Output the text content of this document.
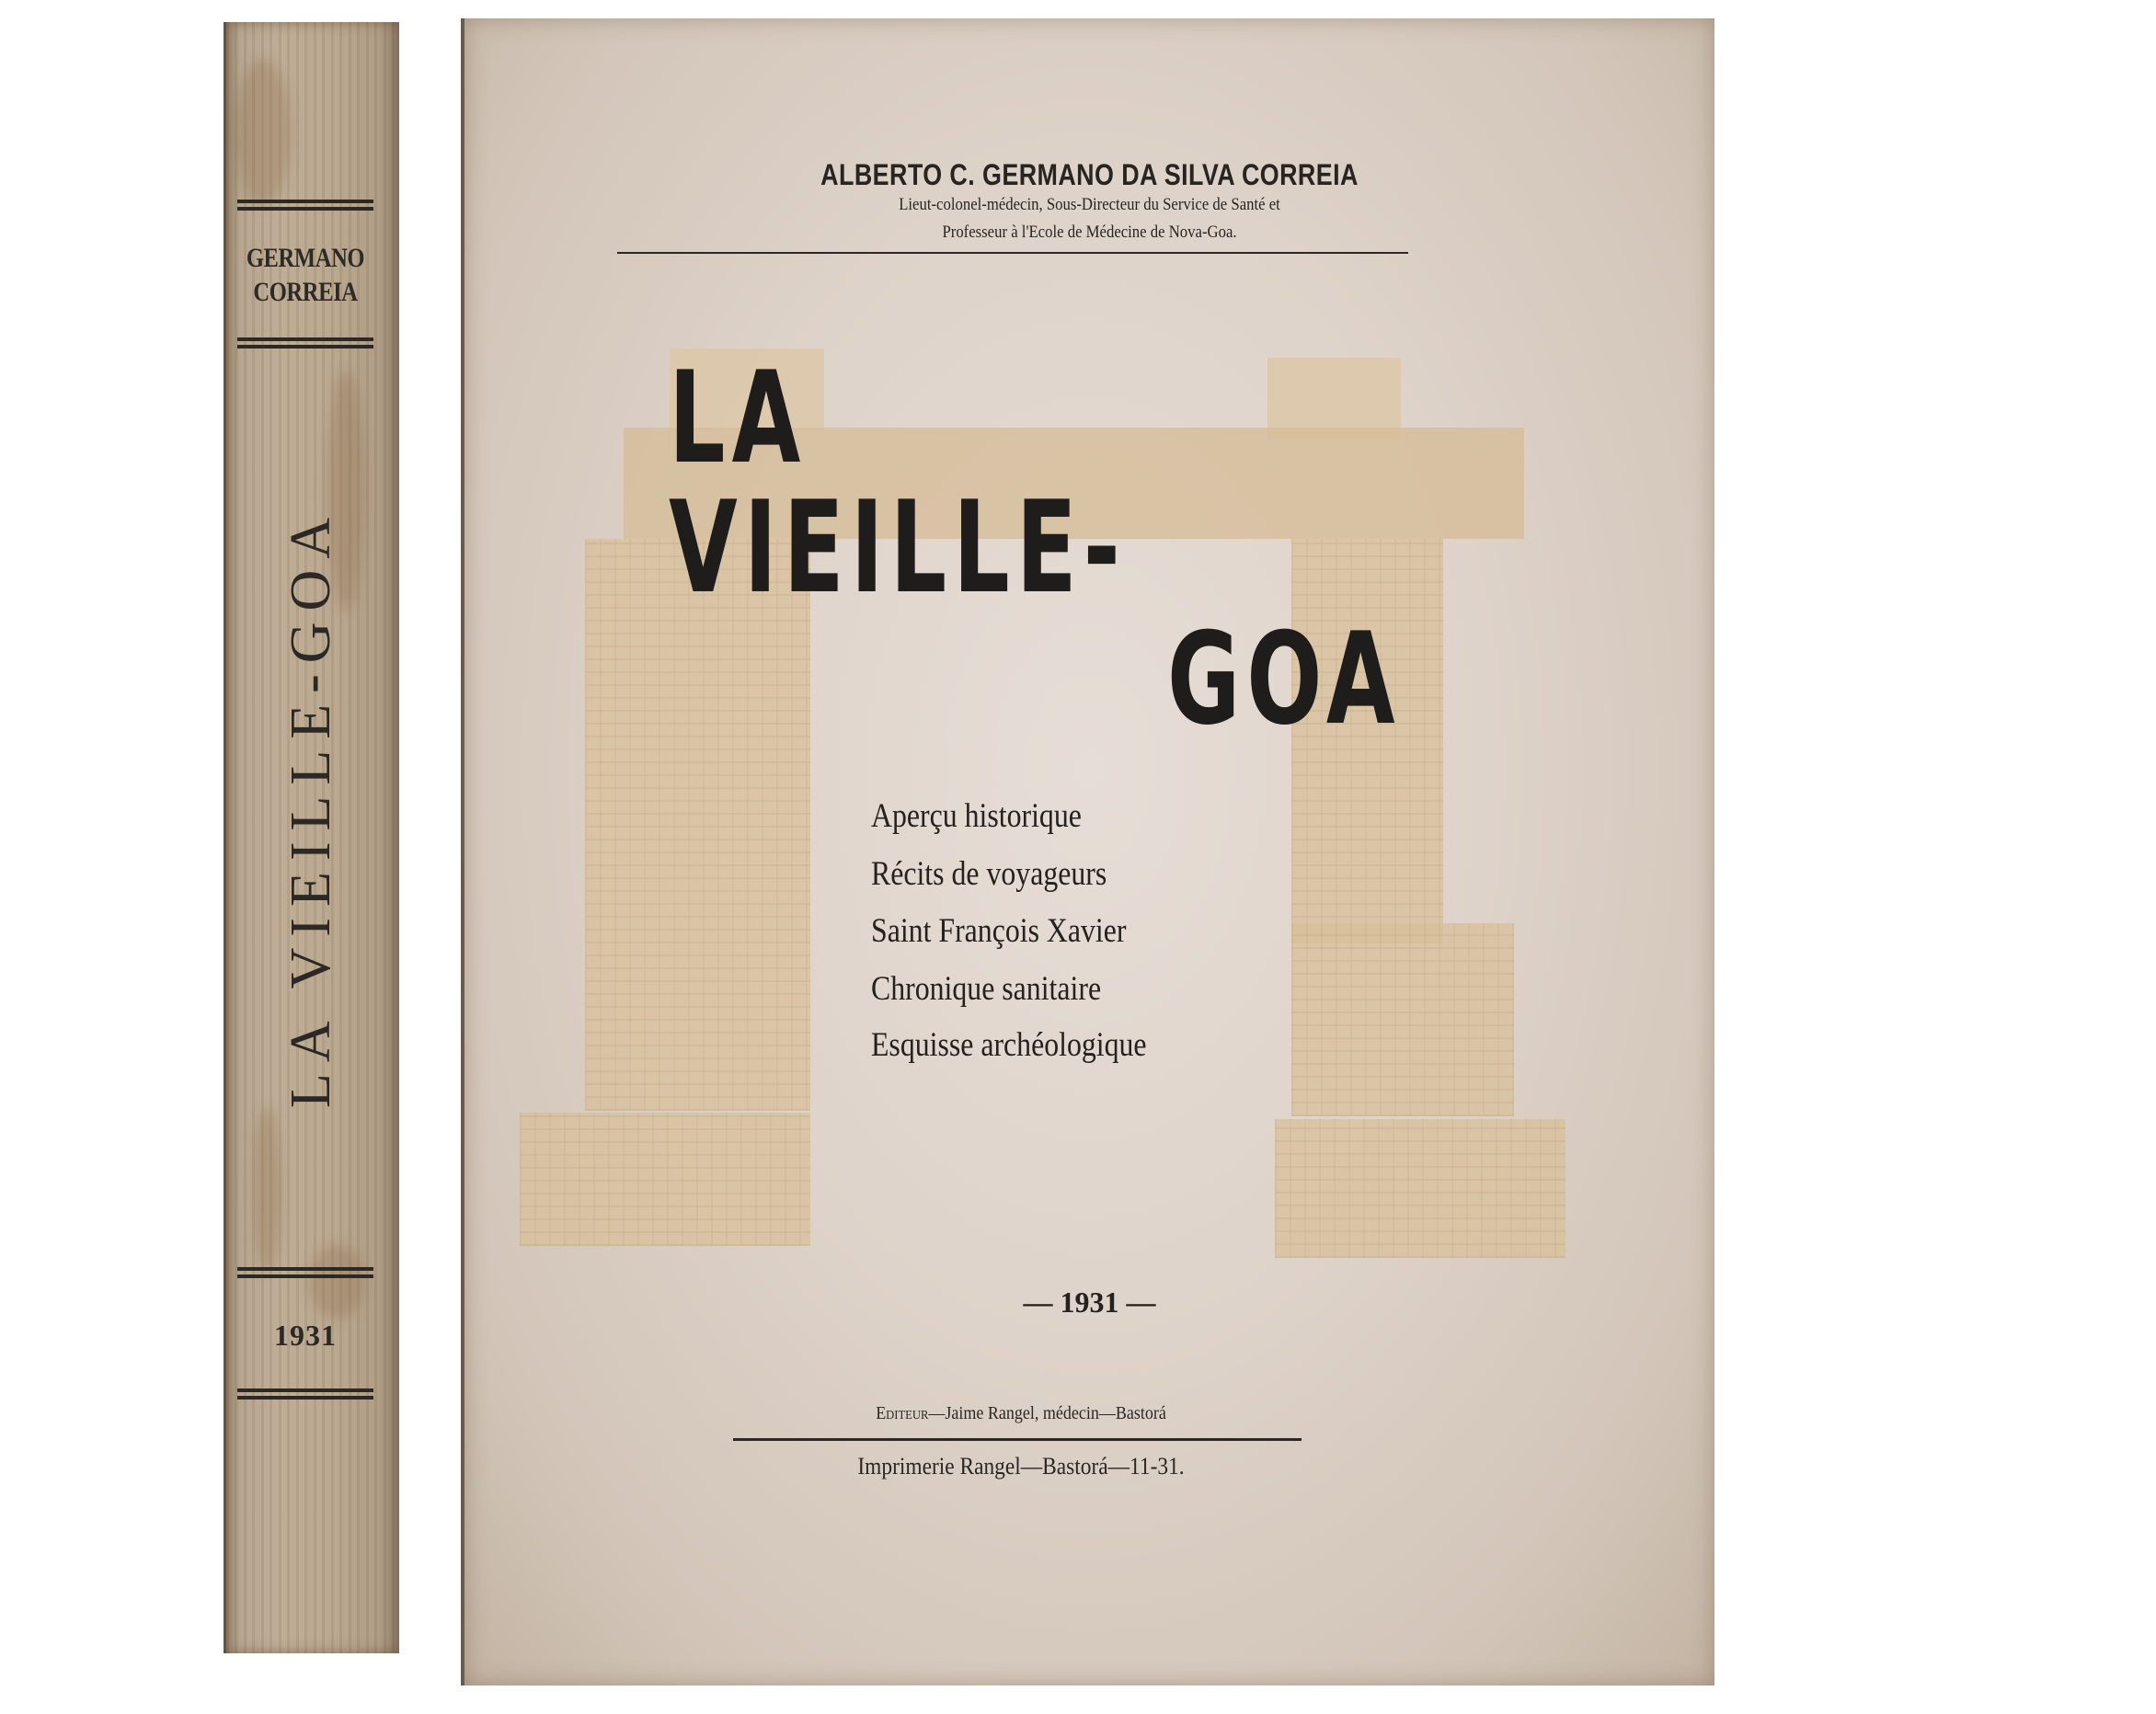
GERMANO
CORREIA
LA VIEILLE-GOA
1931
ALBERTO C. GERMANO DA SILVA CORREIA
Lieut-colonel-médecin, Sous-Directeur du Service de Santé et
Professeur à l'Ecole de Médecine de Nova-Goa.
LA
VIEILLE-
GOA
Aperçu historique
Récits de voyageurs
Saint François Xavier
Chronique sanitaire
Esquisse archéologique
— 1931 —
Editeur—Jaime Rangel, médecin—Bastorá
Imprimerie Rangel—Bastorá—11-31.
